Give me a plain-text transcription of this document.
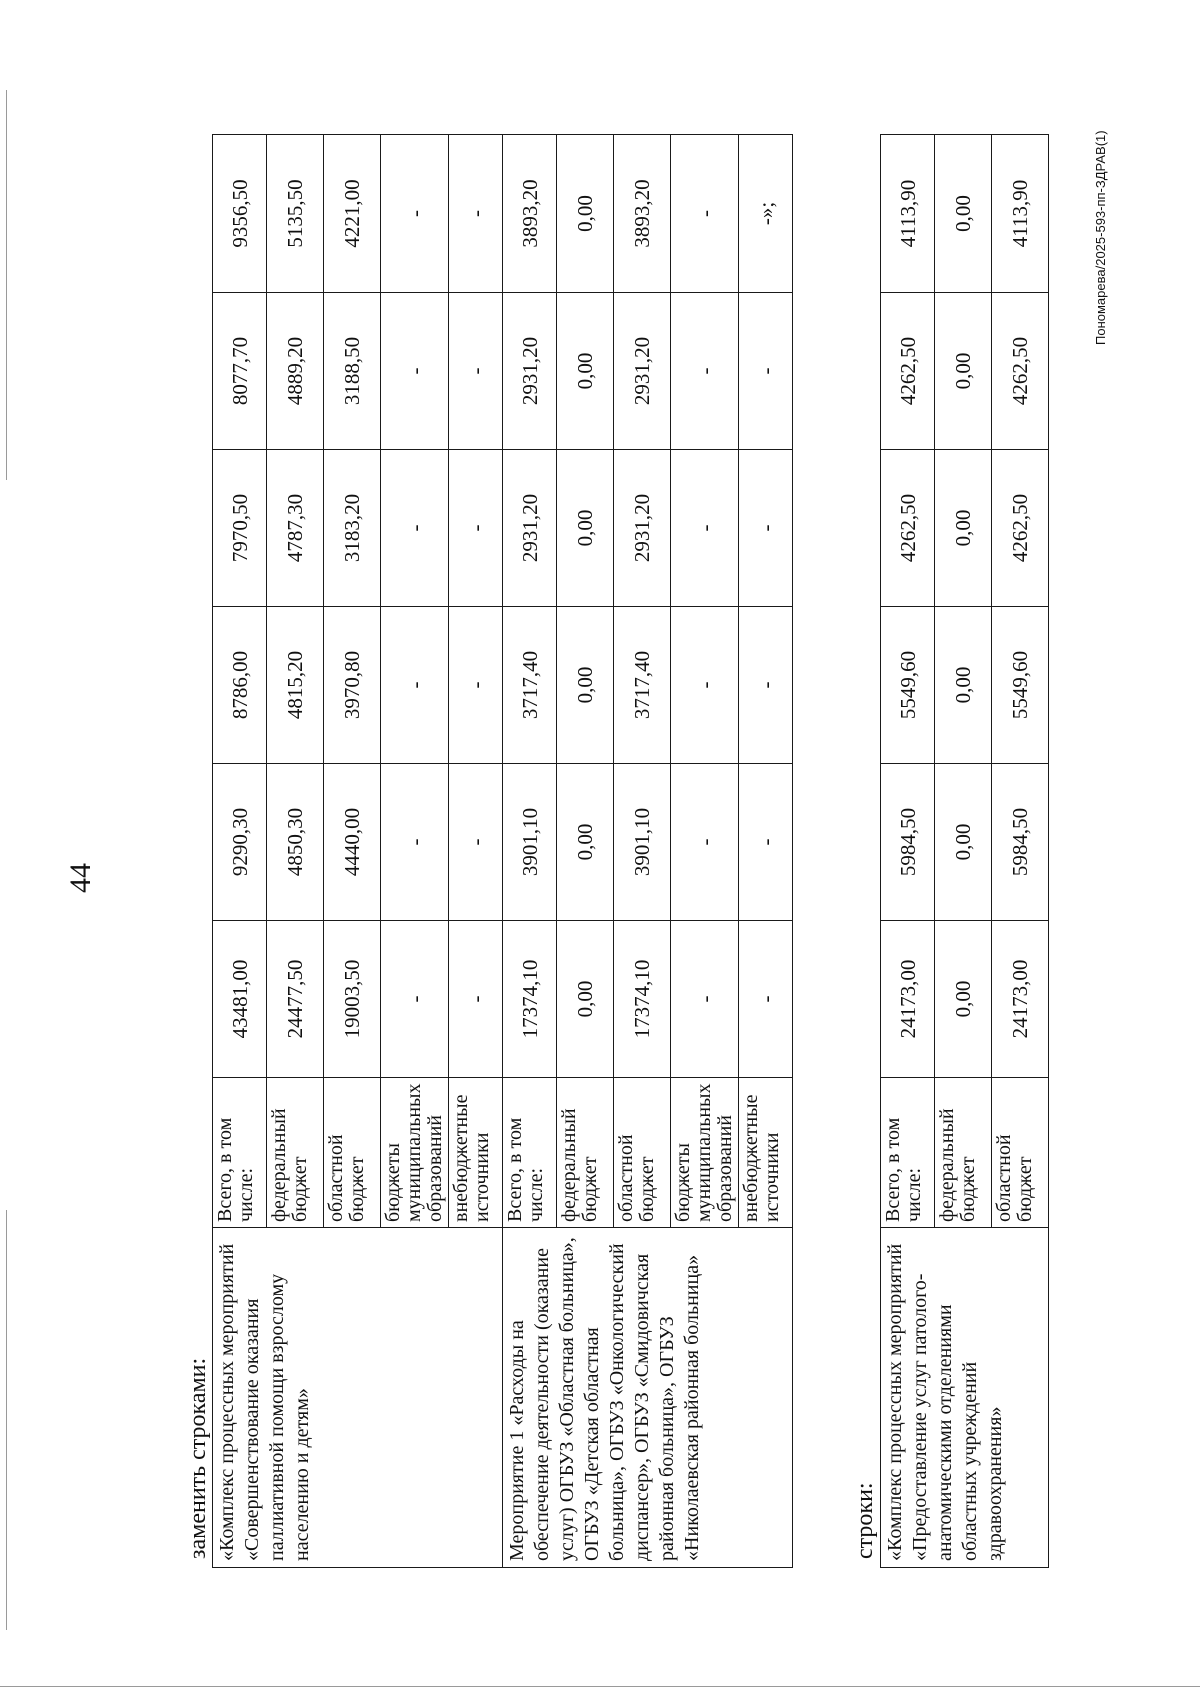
44
заменить строками: «Комплекс процессных мероприятий «Совершенствование оказания паллиативной помощи взрослому населению и детям»	Всего, в том числе:	43481,00	9290,30	8786,00	7970,50	8077,70	9356,50
	федеральный бюджет	24477,50	4850,30	4815,20	4787,30	4889,20	5135,50
	областной бюджет	19003,50	4440,00	3970,80	3183,20	3188,50	4221,00
	бюджеты муниципальных образований	-	-	-	-	-	-
	внебюджетные источники	-	-	-	-	-	-
Мероприятие 1 «Расходы на обеспечение деятельности (оказание услуг) ОГБУЗ «Областная больница», ОГБУЗ «Детская областная больница», ОГБУЗ «Онкологический диспансер», ОГБУЗ «Смидовичская районная больница», ОГБУЗ «Николаевская районная больница»	Всего, в том числе:	17374,10	3901,10	3717,40	2931,20	2931,20	3893,20
	федеральный бюджет	0,00	0,00	0,00	0,00	0,00	0,00
	областной бюджет	17374,10	3901,10	3717,40	2931,20	2931,20	3893,20
	бюджеты муниципальных образований	-	-	-	-	-	-
	внебюджетные источники	-	-	-	-	-	-»;
строки: «Комплекс процессных мероприятий «Предоставление услуг патолого-анатомическими отделениями областных учреждений здравоохранения»	Всего, в том числе:	24173,00	5984,50	5549,60	4262,50	4262,50	4113,90
	федеральный бюджет	0,00	0,00	0,00	0,00	0,00	0,00
	областной бюджет	24173,00	5984,50	5549,60	4262,50	4262,50	4113,90	Пономарева/2025-593-пп-ЗДРАВ(1)
